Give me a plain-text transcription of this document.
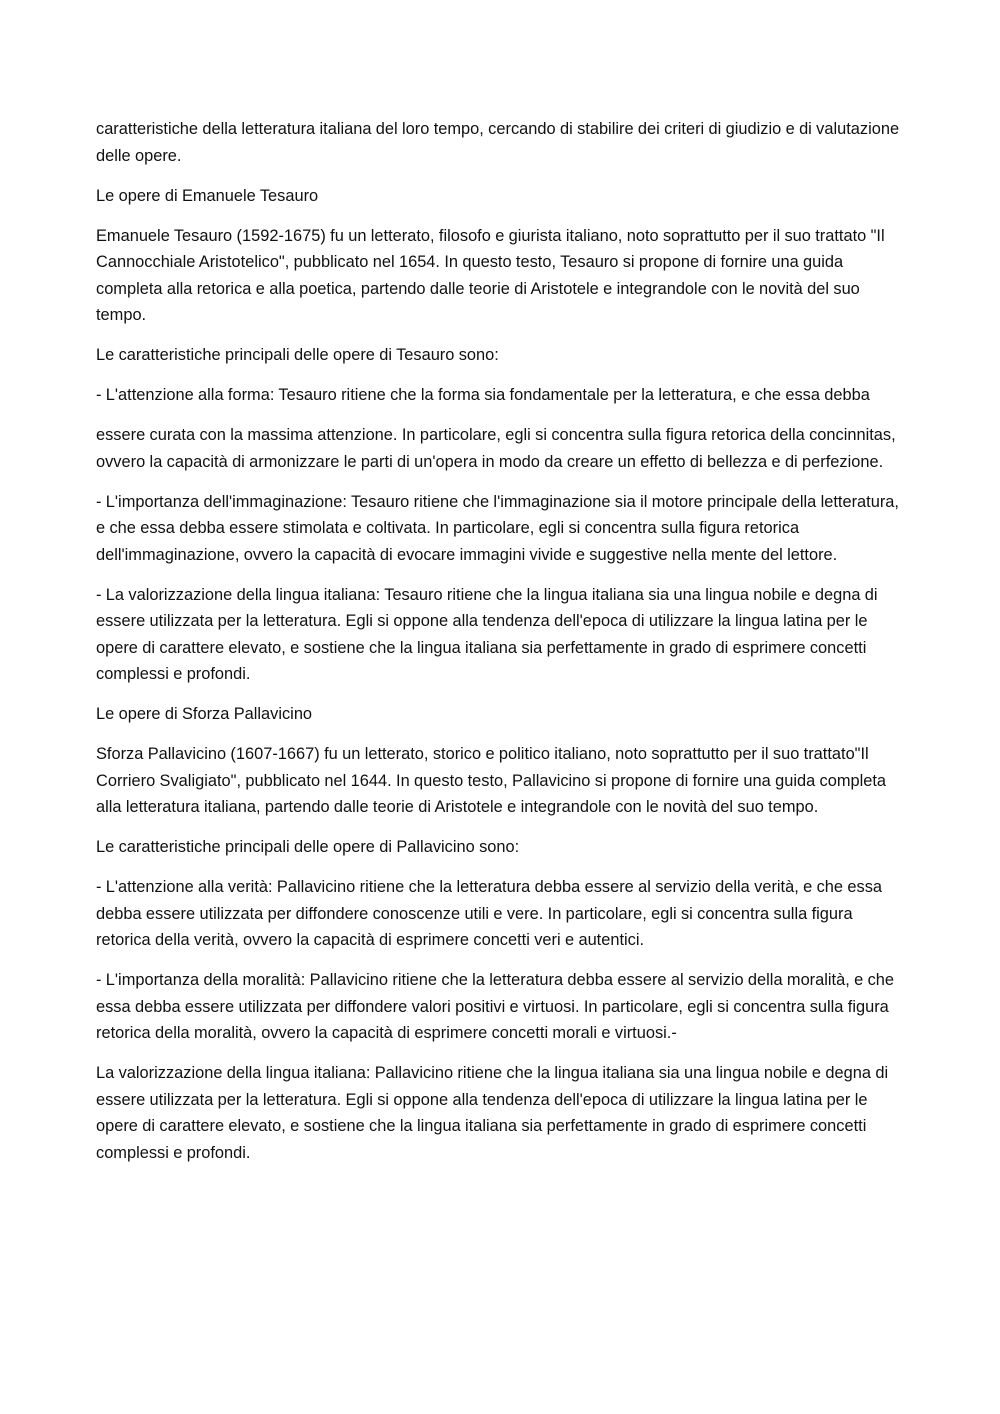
caratteristiche della letteratura italiana del loro tempo, cercando di stabilire dei criteri di giudizio e di valutazione delle opere.

Le opere di Emanuele Tesauro

Emanuele Tesauro (1592-1675) fu un letterato, filosofo e giurista italiano, noto soprattutto per il suo trattato "Il Cannocchiale Aristotelico", pubblicato nel 1654. In questo testo, Tesauro si propone di fornire una guida completa alla retorica e alla poetica, partendo dalle teorie di Aristotele e integrandole con le novità del suo tempo.

Le caratteristiche principali delle opere di Tesauro sono:

- L'attenzione alla forma: Tesauro ritiene che la forma sia fondamentale per la letteratura, e che essa debba

essere curata con la massima attenzione. In particolare, egli si concentra sulla figura retorica della concinnitas, ovvero la capacità di armonizzare le parti di un'opera in modo da creare un effetto di bellezza e di perfezione.

- L'importanza dell'immaginazione: Tesauro ritiene che l'immaginazione sia il motore principale della letteratura, e che essa debba essere stimolata e coltivata. In particolare, egli si concentra sulla figura retorica dell'immaginazione, ovvero la capacità di evocare immagini vivide e suggestive nella mente del lettore.

- La valorizzazione della lingua italiana: Tesauro ritiene che la lingua italiana sia una lingua nobile e degna di essere utilizzata per la letteratura. Egli si oppone alla tendenza dell'epoca di utilizzare la lingua latina per le opere di carattere elevato, e sostiene che la lingua italiana sia perfettamente in grado di esprimere concetti complessi e profondi.

Le opere di Sforza Pallavicino

Sforza Pallavicino (1607-1667) fu un letterato, storico e politico italiano, noto soprattutto per il suo trattato"Il Corriero Svaligiato", pubblicato nel 1644. In questo testo, Pallavicino si propone di fornire una guida completa alla letteratura italiana, partendo dalle teorie di Aristotele e integrandole con le novità del suo tempo.

Le caratteristiche principali delle opere di Pallavicino sono:

- L'attenzione alla verità: Pallavicino ritiene che la letteratura debba essere al servizio della verità, e che essa debba essere utilizzata per diffondere conoscenze utili e vere. In particolare, egli si concentra sulla figura retorica della verità, ovvero la capacità di esprimere concetti veri e autentici.

- L'importanza della moralità: Pallavicino ritiene che la letteratura debba essere al servizio della moralità, e che essa debba essere utilizzata per diffondere valori positivi e virtuosi. In particolare, egli si concentra sulla figura retorica della moralità, ovvero la capacità di esprimere concetti morali e virtuosi.-

La valorizzazione della lingua italiana: Pallavicino ritiene che la lingua italiana sia una lingua nobile e degna di essere utilizzata per la letteratura. Egli si oppone alla tendenza dell'epoca di utilizzare la lingua latina per le opere di carattere elevato, e sostiene che la lingua italiana sia perfettamente in grado di esprimere concetti complessi e profondi.
